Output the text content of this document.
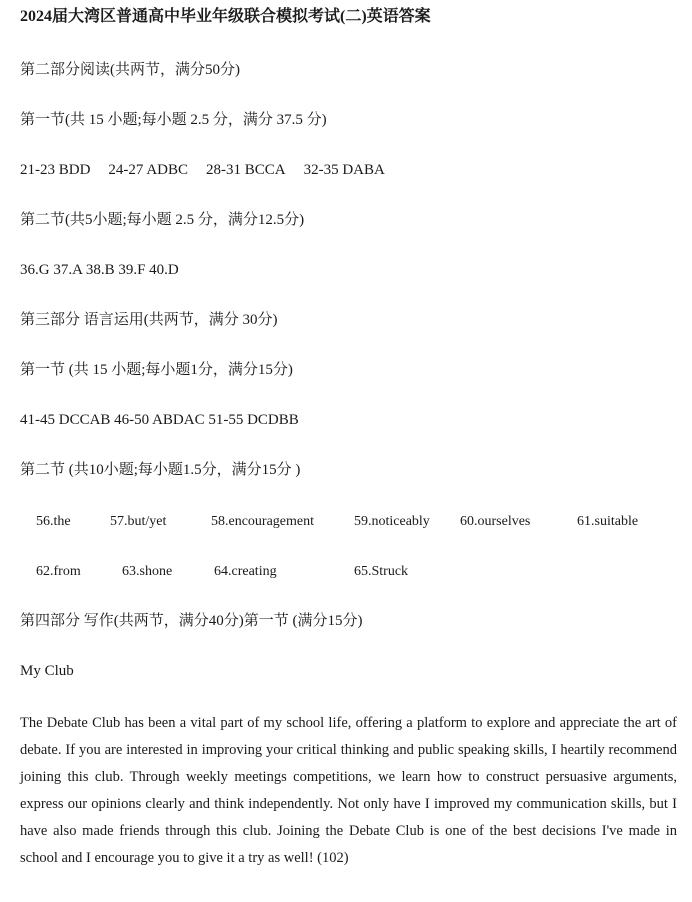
2024届大湾区普通高中毕业年级联合模拟考试(二)英语答案
第二部分阅读(共两节，满分50分)
第一节(共 15 小题;每小题 2.5 分，满分 37.5 分)
21-23 BDD 24-27 ADBC 28-31 BCCA 32-35 DABA
第二节(共5小题;每小题 2.5 分，满分12.5分)
36.G 37.A 38.B 39.F 40.D
第三部分 语言运用(共两节，满分 30分)
第一节 (共 15 小题;每小题1分，满分15分)
41-45 DCCAB 46-50 ABDAC 51-55 DCDBB
第二节 (共10小题;每小题1.5分，满分15分 )
56.the	57.but/yet	58.encouragement	59.noticeably 60.ourselves	61.suitable
62.from	63.shone	64.creating	65.Struck
第四部分 写作(共两节，满分40分)第一节 (满分15分)
My Club

The Debate Club has been a vital part of my school life, offering a platform to explore and appreciate the art of debate. If you are interested in improving your critical thinking and public speaking skills, I heartily recommend joining this club. Through weekly meetings competitions, we learn how to construct persuasive arguments, express our opinions clearly and think independently. Not only have I improved my communication skills, but I have also made friends through this club. Joining the Debate Club is one of the best decisions I've made in school and I encourage you to give it a try as well! (102)
